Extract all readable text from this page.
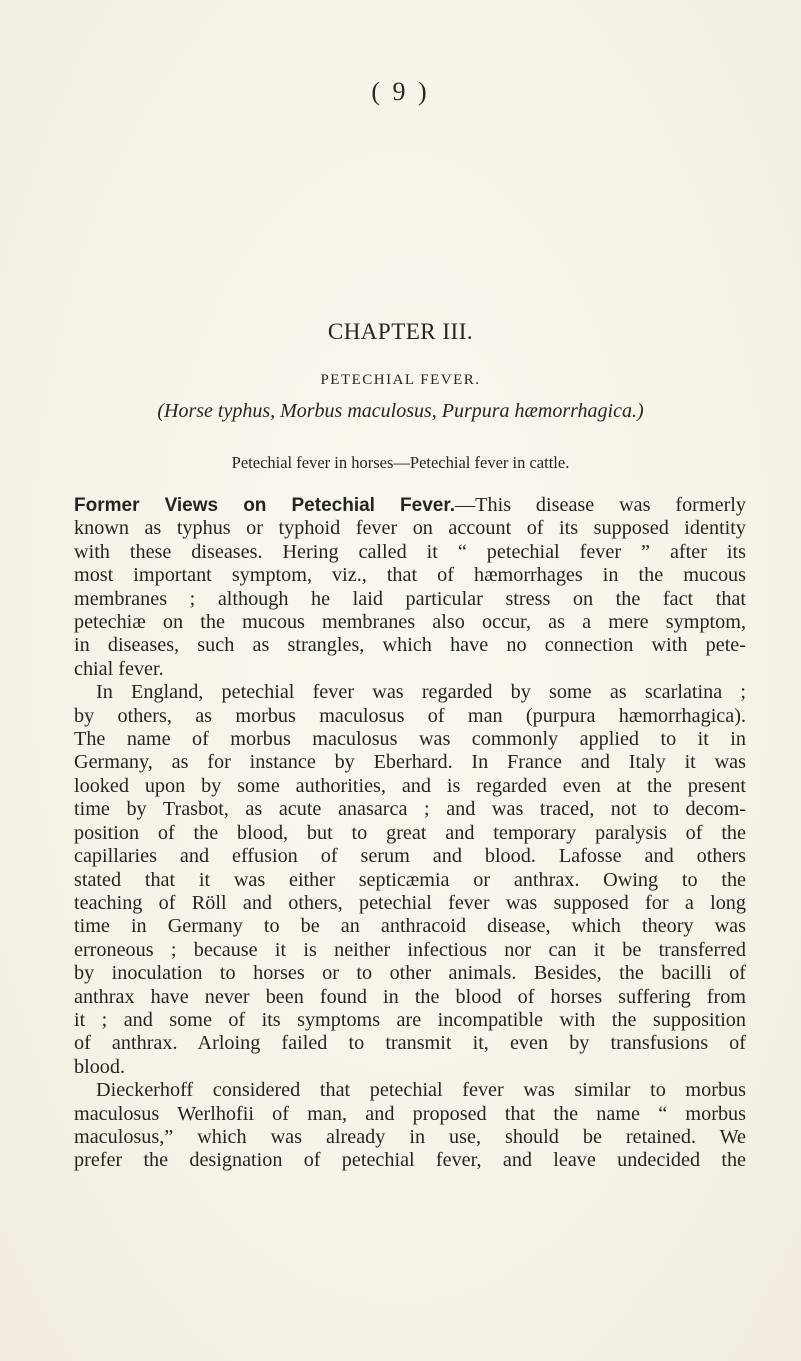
( 9 )
CHAPTER III.
PETECHIAL FEVER.
(Horse typhus, Morbus maculosus, Purpura hæmorrhagica.)
Petechial fever in horses—Petechial fever in cattle.
Former Views on Petechial Fever.—This disease was formerly
known as typhus or typhoid fever on account of its supposed identity
with these diseases. Hering called it “ petechial fever ” after its
most important symptom, viz., that of hæmorrhages in the mucous
membranes ; although he laid particular stress on the fact that
petechiæ on the mucous membranes also occur, as a mere symptom,
in diseases, such as strangles, which have no connection with pete-
chial fever.
In England, petechial fever was regarded by some as scarlatina ;
by others, as morbus maculosus of man (purpura hæmorrhagica).
The name of morbus maculosus was commonly applied to it in
Germany, as for instance by Eberhard. In France and Italy it was
looked upon by some authorities, and is regarded even at the present
time by Trasbot, as acute anasarca ; and was traced, not to decom-
position of the blood, but to great and temporary paralysis of the
capillaries and effusion of serum and blood. Lafosse and others
stated that it was either septicæmia or anthrax. Owing to the
teaching of Röll and others, petechial fever was supposed for a long
time in Germany to be an anthracoid disease, which theory was
erroneous ; because it is neither infectious nor can it be transferred
by inoculation to horses or to other animals. Besides, the bacilli of
anthrax have never been found in the blood of horses suffering from
it ; and some of its symptoms are incompatible with the supposition
of anthrax. Arloing failed to transmit it, even by transfusions of
blood.
Dieckerhoff considered that petechial fever was similar to morbus
maculosus Werlhofii of man, and proposed that the name “ morbus
maculosus,” which was already in use, should be retained. We
prefer the designation of petechial fever, and leave undecided the
